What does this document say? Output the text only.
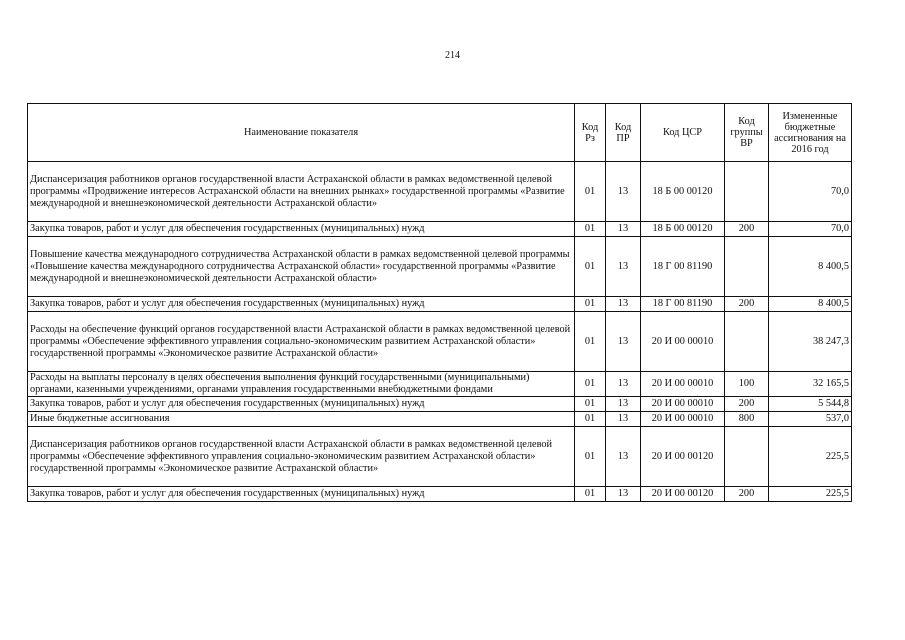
214
Наименование показателя	Код Рз	Код ПР	Код ЦСР	Код группы ВР	Измененные бюджетные ассигнования на 2016 год
Диспансеризация работников органов государственной власти Астраханской области в рамках ведомственной целевой программы «Продвижение интересов Астраханской области на внешних рынках» государственной программы «Развитие международной и внешнеэкономической деятельности Астраханской области»	01	13	18 Б 00 00120		70,0
Закупка товаров, работ и услуг для обеспечения государственных (муниципальных) нужд	01	13	18 Б 00 00120	200	70,0
Повышение качества международного сотрудничества Астраханской области в рамках ведомственной целевой программы «Повышение качества международного сотрудничества Астраханской области» государственной программы «Развитие международной и внешнеэкономической деятельности Астраханской области»	01	13	18 Г 00 81190		8 400,5
Закупка товаров, работ и услуг для обеспечения государственных (муниципальных) нужд	01	13	18 Г 00 81190	200	8 400,5
Расходы на обеспечение функций органов государственной власти Астраханской области в рамках ведомственной целевой программы «Обеспечение эффективного управления социально-экономическим развитием Астраханской области» государственной программы «Экономическое развитие Астраханской области»	01	13	20 И 00 00010		38 247,3
Расходы на выплаты персоналу в целях обеспечения выполнения функций государственными (муниципальными) органами, казенными учреждениями, органами управления государственными внебюджетными фондами	01	13	20 И 00 00010	100	32 165,5
Закупка товаров, работ и услуг для обеспечения государственных (муниципальных) нужд	01	13	20 И 00 00010	200	5 544,8
Иные бюджетные ассигнования	01	13	20 И 00 00010	800	537,0
Диспансеризация работников органов государственной власти Астраханской области в рамках ведомственной целевой программы «Обеспечение эффективного управления социально-экономическим развитием Астраханской области» государственной программы «Экономическое развитие Астраханской области»	01	13	20 И 00 00120		225,5
Закупка товаров, работ и услуг для обеспечения государственных (муниципальных) нужд	01	13	20 И 00 00120	200	225,5
